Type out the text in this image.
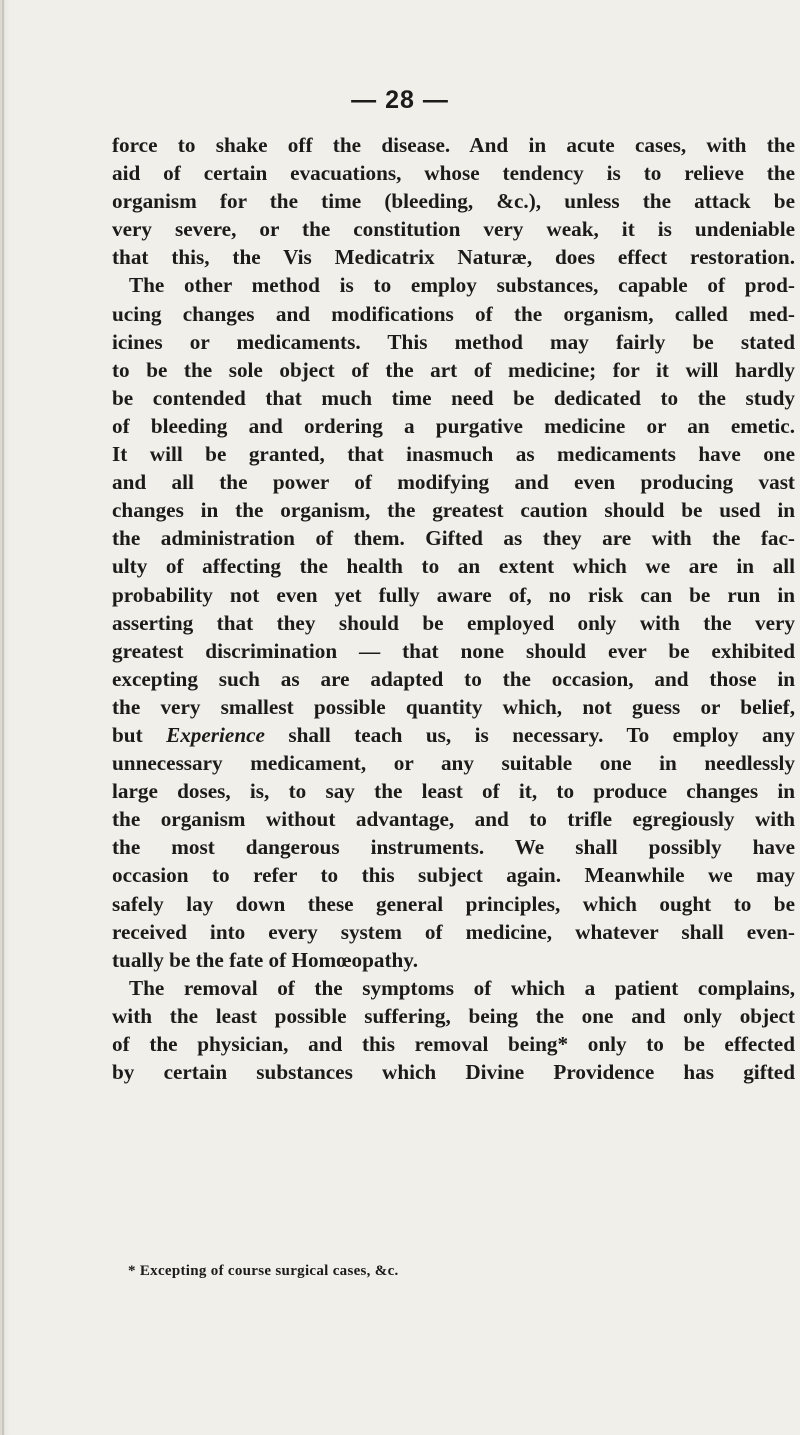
— 28 —
force to shake off the disease. And in acute cases, with the
aid of certain evacuations, whose tendency is to relieve the
organism for the time (bleeding, &c.), unless the attack be
very severe, or the constitution very weak, it is undeniable
that this, the Vis Medicatrix Naturæ, does effect restoration.
The other method is to employ substances, capable of prod-
ucing changes and modifications of the organism, called med-
icines or medicaments. This method may fairly be stated
to be the sole object of the art of medicine; for it will hardly
be contended that much time need be dedicated to the study
of bleeding and ordering a purgative medicine or an emetic.
It will be granted, that inasmuch as medicaments have one
and all the power of modifying and even producing vast
changes in the organism, the greatest caution should be used in
the administration of them. Gifted as they are with the fac-
ulty of affecting the health to an extent which we are in all
probability not even yet fully aware of, no risk can be run in
asserting that they should be employed only with the very
greatest discrimination — that none should ever be exhibited
excepting such as are adapted to the occasion, and those in
the very smallest possible quantity which, not guess or belief,
but Experience shall teach us, is necessary. To employ any
unnecessary medicament, or any suitable one in needlessly
large doses, is, to say the least of it, to produce changes in
the organism without advantage, and to trifle egregiously with
the most dangerous instruments. We shall possibly have
occasion to refer to this subject again. Meanwhile we may
safely lay down these general principles, which ought to be
received into every system of medicine, whatever shall even-
tually be the fate of Homœopathy.
The removal of the symptoms of which a patient complains,
with the least possible suffering, being the one and only object
of the physician, and this removal being* only to be effected
by certain substances which Divine Providence has gifted
* Excepting of course surgical cases, &c.
